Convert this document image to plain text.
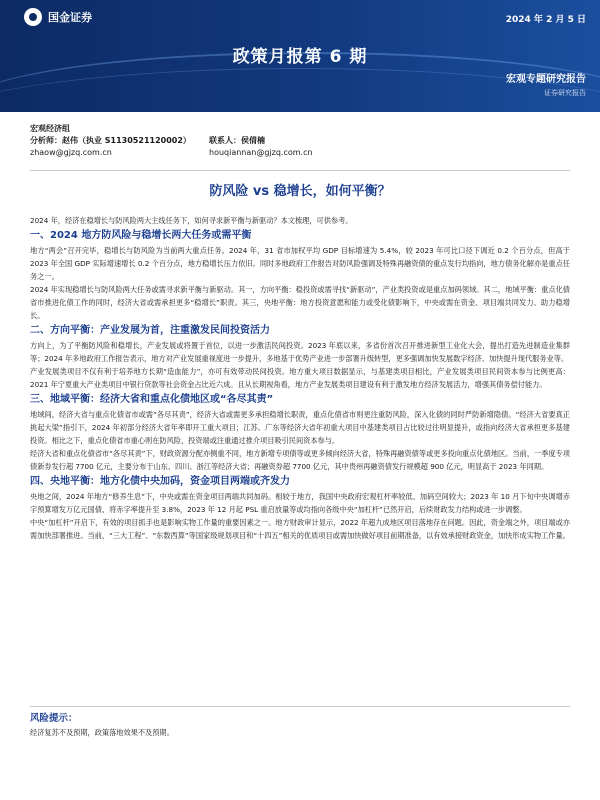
国金证券	2024 年 2 月 5 日
政策月报第 6 期
宏观专题研究报告
证券研究报告
宏观经济组
分析师：赵伟（执业 S1130521120002）	联系人：侯倩楠
zhaow@gjzq.com.cn	houqiannan@gjzq.com.cn
防风险 vs 稳增长，如何平衡？

2024 年，经济在稳增长与防风险两大主线任务下，如何寻求新平衡与新驱动？本文梳理，可供参考。

一、2024 地方防风险与稳增长两大任务或需平衡

地方“两会”召开完毕，稳增长与防风险为当前两大重点任务。2024 年，31 省市加权平均 GDP 目标增速为 5.4%，较 2023 年可比口径下调近 0.2 个百分点，但高于 2023 年全国 GDP 实际增速增长 0.2 个百分点，地方稳增长压力依旧。同时多地政府工作报告对防风险强调及特殊再融资债的重点发行均指向，地方债务化解亦是重点任务之一。

2024 年实现稳增长与防风险两大任务或需寻求新平衡与新驱动。其一，方向平衡：稳投资或需寻找“新驱动”，产业类投资或是重点加码领域。其二，地域平衡：重点化债省市推进化债工作的同时，经济大省或需承担更多“稳增长”职责。其三，央地平衡：地方投资意愿和能力或受化债影响下，中央或需在资金、项目端共同发力、助力稳增长。

二、方向平衡：产业发展为首，注重激发民间投资活力

方向上，为了平衡防风险和稳增长，产业发展或将置于首位，以进一步激活民间投资。2023 年底以来，多省份首次召开推进新型工业化大会，提出打造先进制造业集群等；2024 年多地政府工作报告表示，地方对产业发展重视度进一步提升，多地基于优势产业进一步部署升级转型，更多强调加快发展数字经济、加快提升现代服务业等。

产业发展类项目不仅有利于培养地方长期“造血能力”，亦可有效带动民间投资。地方重大项目数据显示，与基建类项目相比，产业发展类项目民间资本参与比例更高：2021 年宁夏重大产业类项目中银行贷款等社会资金占比近六成。且从长期视角看，地方产业发展类项目建设有利于激发地方经济发展活力，增强其债务偿付能力。

三、地域平衡：经济大省和重点化债地区或“各尽其责”

地域间，经济大省与重点化债省市或需“各尽其责”，经济大省或需更多承担稳增长职责，重点化债省市则更注重防风险，深入化债的同时严防新增隐债。“经济大省要真正挑起大梁”指引下，2024 年初部分经济大省年率即开工重大项目；江苏、广东等经济大省年初重大项目中基建类项目占比较过往明显提升，或指向经济大省承担更多基建投资。相比之下，重点化债省市重心则在防风险，投资端或注重通过推介项目吸引民间资本参与。

经济大省和重点化债省市“各尽其责”下，财政资源分配亦侧重不同，地方新增专项债等或更多倾向经济大省，特殊再融资债等或更多投向重点化债地区。当前，一季度专项债新券发行超 7700 亿元，主要分布于山东、四川、浙江等经济大省；再融资券超 7700 亿元，其中贵州再融资债发行规模超 900 亿元，明显高于 2023 年同期。

四、央地平衡：地方化债中央加码，资金项目两端或齐发力

央地之间，2024 年地方“修养生息”下，中央或需在资金项目两端共同加码。相较于地方，我国中央政府宏观杠杆率较低、加码空间较大；2023 年 10 月下旬中央调增赤字预算增发万亿元国债、将赤字率提升至 3.8%，2023 年 12 月起 PSL 重启放量等或均指向各级中央“加杠杆”已然开启，后续财政发力结构或进一步调整。

中央“加杠杆”开启下，有效的项目抓手也是影响实物工作量的重要因素之一。地方财政审计显示，2022 年超九成地区项目落地存在问题。因此，资金端之外，项目端或亦需加快部署推进。当前，“三大工程”、“东数西算”等国家级规划项目和“十四五”相关的优质项目或需加快做好项目前期准备，以有效承接财政资金，加快形成实物工作量。

风险提示：

经济复苏不及预期，政策落地效果不及预期。
